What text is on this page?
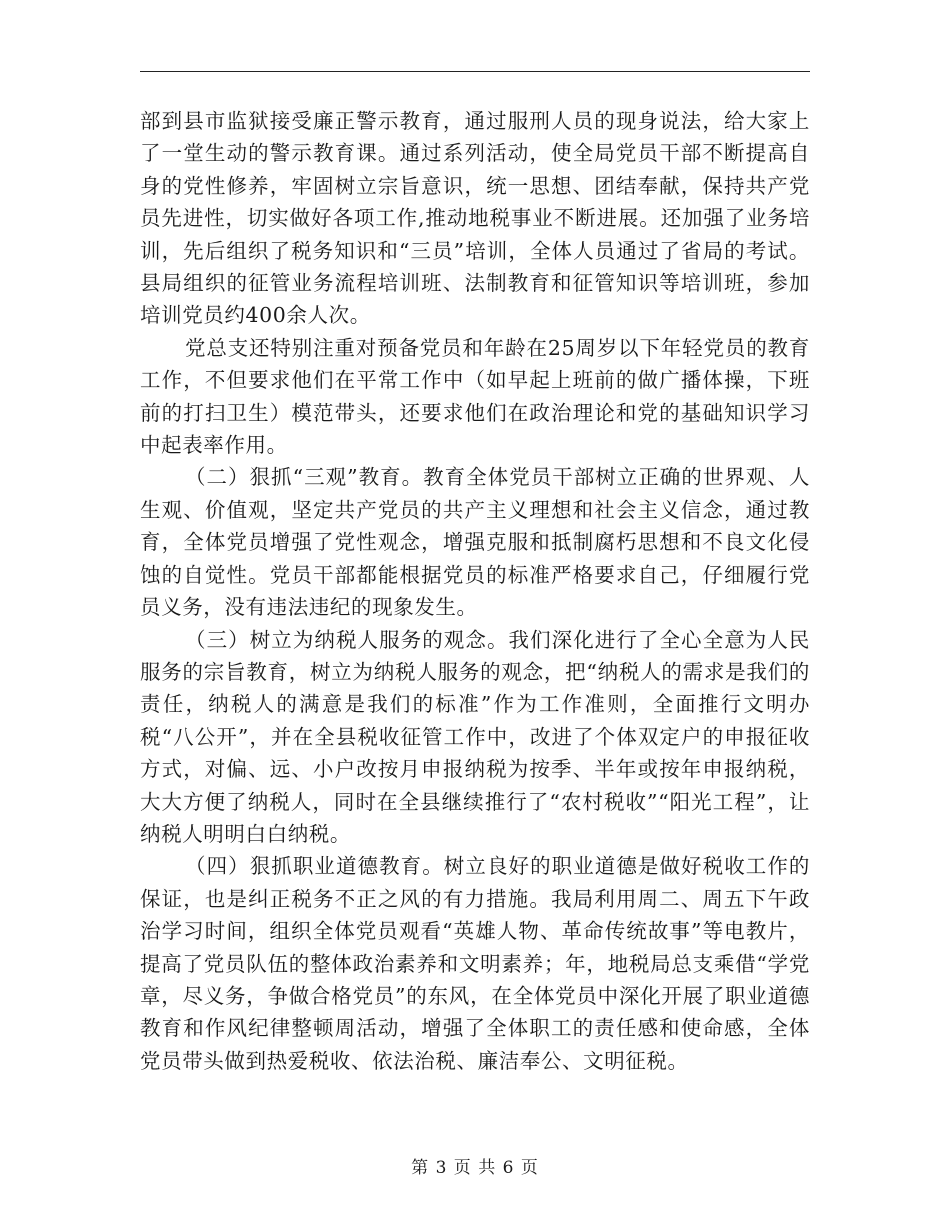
部到县市监狱接受廉正警示教育，通过服刑人员的现身说法，给大家上了一堂生动的警示教育课。通过系列活动，使全局党员干部不断提高自身的党性修养，牢固树立宗旨意识，统一思想、团结奉献，保持共产党员先进性，切实做好各项工作,推动地税事业不断进展。还加强了业务培训，先后组织了税务知识和“三员”培训，全体人员通过了省局的考试。县局组织的征管业务流程培训班、法制教育和征管知识等培训班，参加培训党员约400余人次。

党总支还特别注重对预备党员和年龄在25周岁以下年轻党员的教育工作，不但要求他们在平常工作中（如早起上班前的做广播体操，下班前的打扫卫生）模范带头，还要求他们在政治理论和党的基础知识学习中起表率作用。

（二）狠抓“三观”教育。教育全体党员干部树立正确的世界观、人生观、价值观，坚定共产党员的共产主义理想和社会主义信念，通过教育，全体党员增强了党性观念，增强克服和抵制腐朽思想和不良文化侵蚀的自觉性。党员干部都能根据党员的标准严格要求自己，仔细履行党员义务，没有违法违纪的现象发生。

（三）树立为纳税人服务的观念。我们深化进行了全心全意为人民服务的宗旨教育，树立为纳税人服务的观念，把“纳税人的需求是我们的责任，纳税人的满意是我们的标准”作为工作准则，全面推行文明办税“八公开”，并在全县税收征管工作中，改进了个体双定户的申报征收方式，对偏、远、小户改按月申报纳税为按季、半年或按年申报纳税，大大方便了纳税人，同时在全县继续推行了“农村税收”“阳光工程”，让纳税人明明白白纳税。

（四）狠抓职业道德教育。树立良好的职业道德是做好税收工作的保证，也是纠正税务不正之风的有力措施。我局利用周二、周五下午政治学习时间，组织全体党员观看“英雄人物、革命传统故事”等电教片，提高了党员队伍的整体政治素养和文明素养；年，地税局总支乘借“学党章，尽义务，争做合格党员”的东风，在全体党员中深化开展了职业道德教育和作风纪律整顿周活动，增强了全体职工的责任感和使命感，全体党员带头做到热爱税收、依法治税、廉洁奉公、文明征税。

第 3 页 共 6 页
